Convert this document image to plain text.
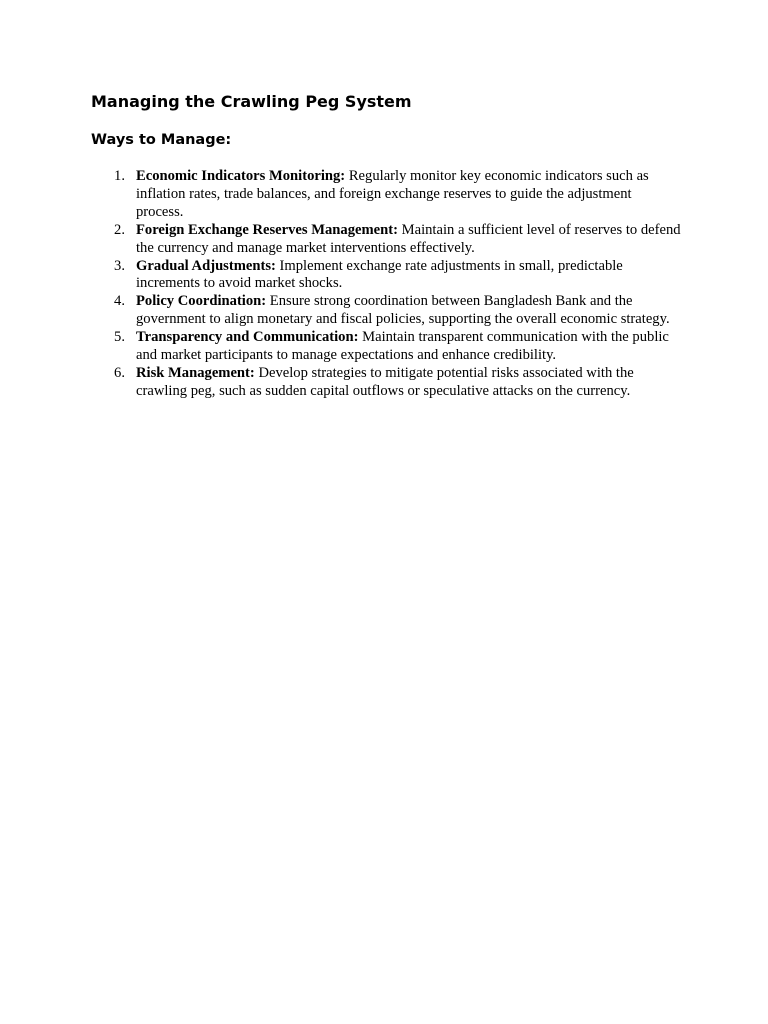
Managing the Crawling Peg System
Ways to Manage:
1. Economic Indicators Monitoring: Regularly monitor key economic indicators such as inflation rates, trade balances, and foreign exchange reserves to guide the adjustment process.
2. Foreign Exchange Reserves Management: Maintain a sufficient level of reserves to defend the currency and manage market interventions effectively.
3. Gradual Adjustments: Implement exchange rate adjustments in small, predictable increments to avoid market shocks.
4. Policy Coordination: Ensure strong coordination between Bangladesh Bank and the government to align monetary and fiscal policies, supporting the overall economic strategy.
5. Transparency and Communication: Maintain transparent communication with the public and market participants to manage expectations and enhance credibility.
6. Risk Management: Develop strategies to mitigate potential risks associated with the crawling peg, such as sudden capital outflows or speculative attacks on the currency.
